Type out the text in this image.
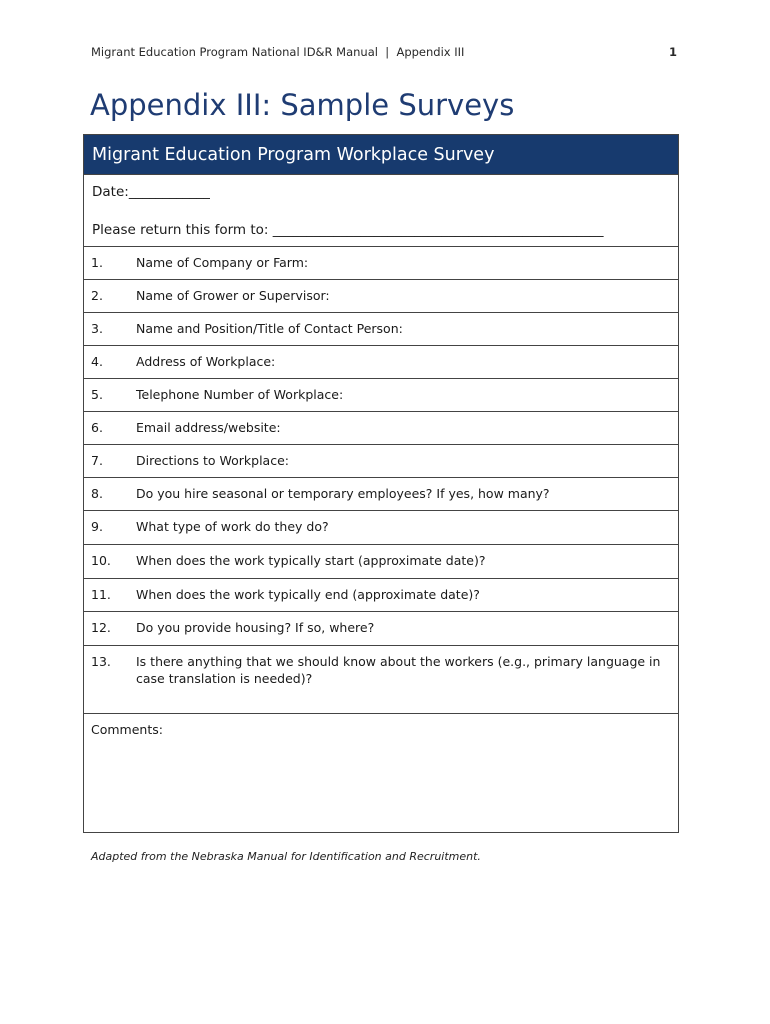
Migrant Education Program National ID&R Manual  |  Appendix III	1
Appendix III: Sample Surveys
Migrant Education Program Workplace Survey
Date:____________
Please return this form to: _________________________________________________
1.	Name of Company or Farm:
2.	Name of Grower or Supervisor:
3.	Name and Position/Title of Contact Person:
4.	Address of Workplace:
5.	Telephone Number of Workplace:
6.	Email address/website:
7.	Directions to Workplace:
8.	Do you hire seasonal or temporary employees? If yes, how many?
9.	What type of work do they do?
10.	When does the work typically start (approximate date)?
11.	When does the work typically end (approximate date)?
12.	Do you provide housing? If so, where?
13.	Is there anything that we should know about the workers (e.g., primary language in case translation is needed)?
Comments:
Adapted from the Nebraska Manual for Identification and Recruitment.
